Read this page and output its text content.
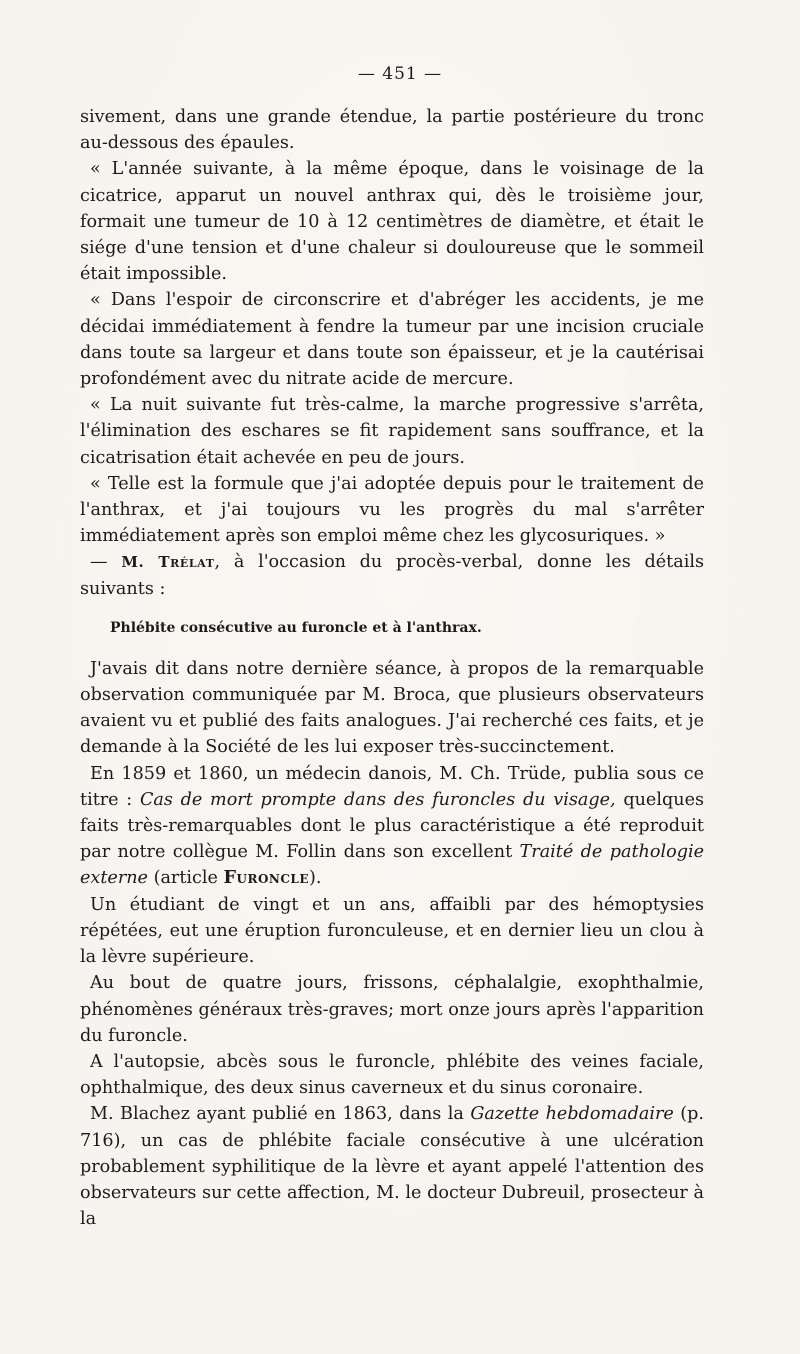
— 451 —

sivement, dans une grande étendue, la partie postérieure du tronc au-dessous des épaules.

« L'année suivante, à la même époque, dans le voisinage de la cicatrice, apparut un nouvel anthrax qui, dès le troisième jour, formait une tumeur de 10 à 12 centimètres de diamètre, et était le siége d'une tension et d'une chaleur si douloureuse que le sommeil était impossible.

« Dans l'espoir de circonscrire et d'abréger les accidents, je me décidai immédiatement à fendre la tumeur par une incision cruciale dans toute sa largeur et dans toute son épaisseur, et je la cautérisai profondément avec du nitrate acide de mercure.

« La nuit suivante fut très-calme, la marche progressive s'arrêta, l'élimination des eschares se fit rapidement sans souffrance, et la cicatrisation était achevée en peu de jours.

« Telle est la formule que j'ai adoptée depuis pour le traitement de l'anthrax, et j'ai toujours vu les progrès du mal s'arrêter immédiatement après son emploi même chez les glycosuriques. »

— M. Trélat, à l'occasion du procès-verbal, donne les détails suivants :

Phlébite consécutive au furoncle et à l'anthrax.

J'avais dit dans notre dernière séance, à propos de la remarquable observation communiquée par M. Broca, que plusieurs observateurs avaient vu et publié des faits analogues. J'ai recherché ces faits, et je demande à la Société de les lui exposer très-succinctement.

En 1859 et 1860, un médecin danois, M. Ch. Trüde, publia sous ce titre : Cas de mort prompte dans des furoncles du visage, quelques faits très-remarquables dont le plus caractéristique a été reproduit par notre collègue M. Follin dans son excellent Traité de pathologie externe (article Furoncle).

Un étudiant de vingt et un ans, affaibli par des hémoptysies répétées, eut une éruption furonculeuse, et en dernier lieu un clou à la lèvre supérieure.

Au bout de quatre jours, frissons, céphalalgie, exophthalmie, phénomènes généraux très-graves; mort onze jours après l'apparition du furoncle.

A l'autopsie, abcès sous le furoncle, phlébite des veines faciale, ophthalmique, des deux sinus caverneux et du sinus coronaire.

M. Blachez ayant publié en 1863, dans la Gazette hebdomadaire (p. 716), un cas de phlébite faciale consécutive à une ulcération probablement syphilitique de la lèvre et ayant appelé l'attention des observateurs sur cette affection, M. le docteur Dubreuil, prosecteur à la
